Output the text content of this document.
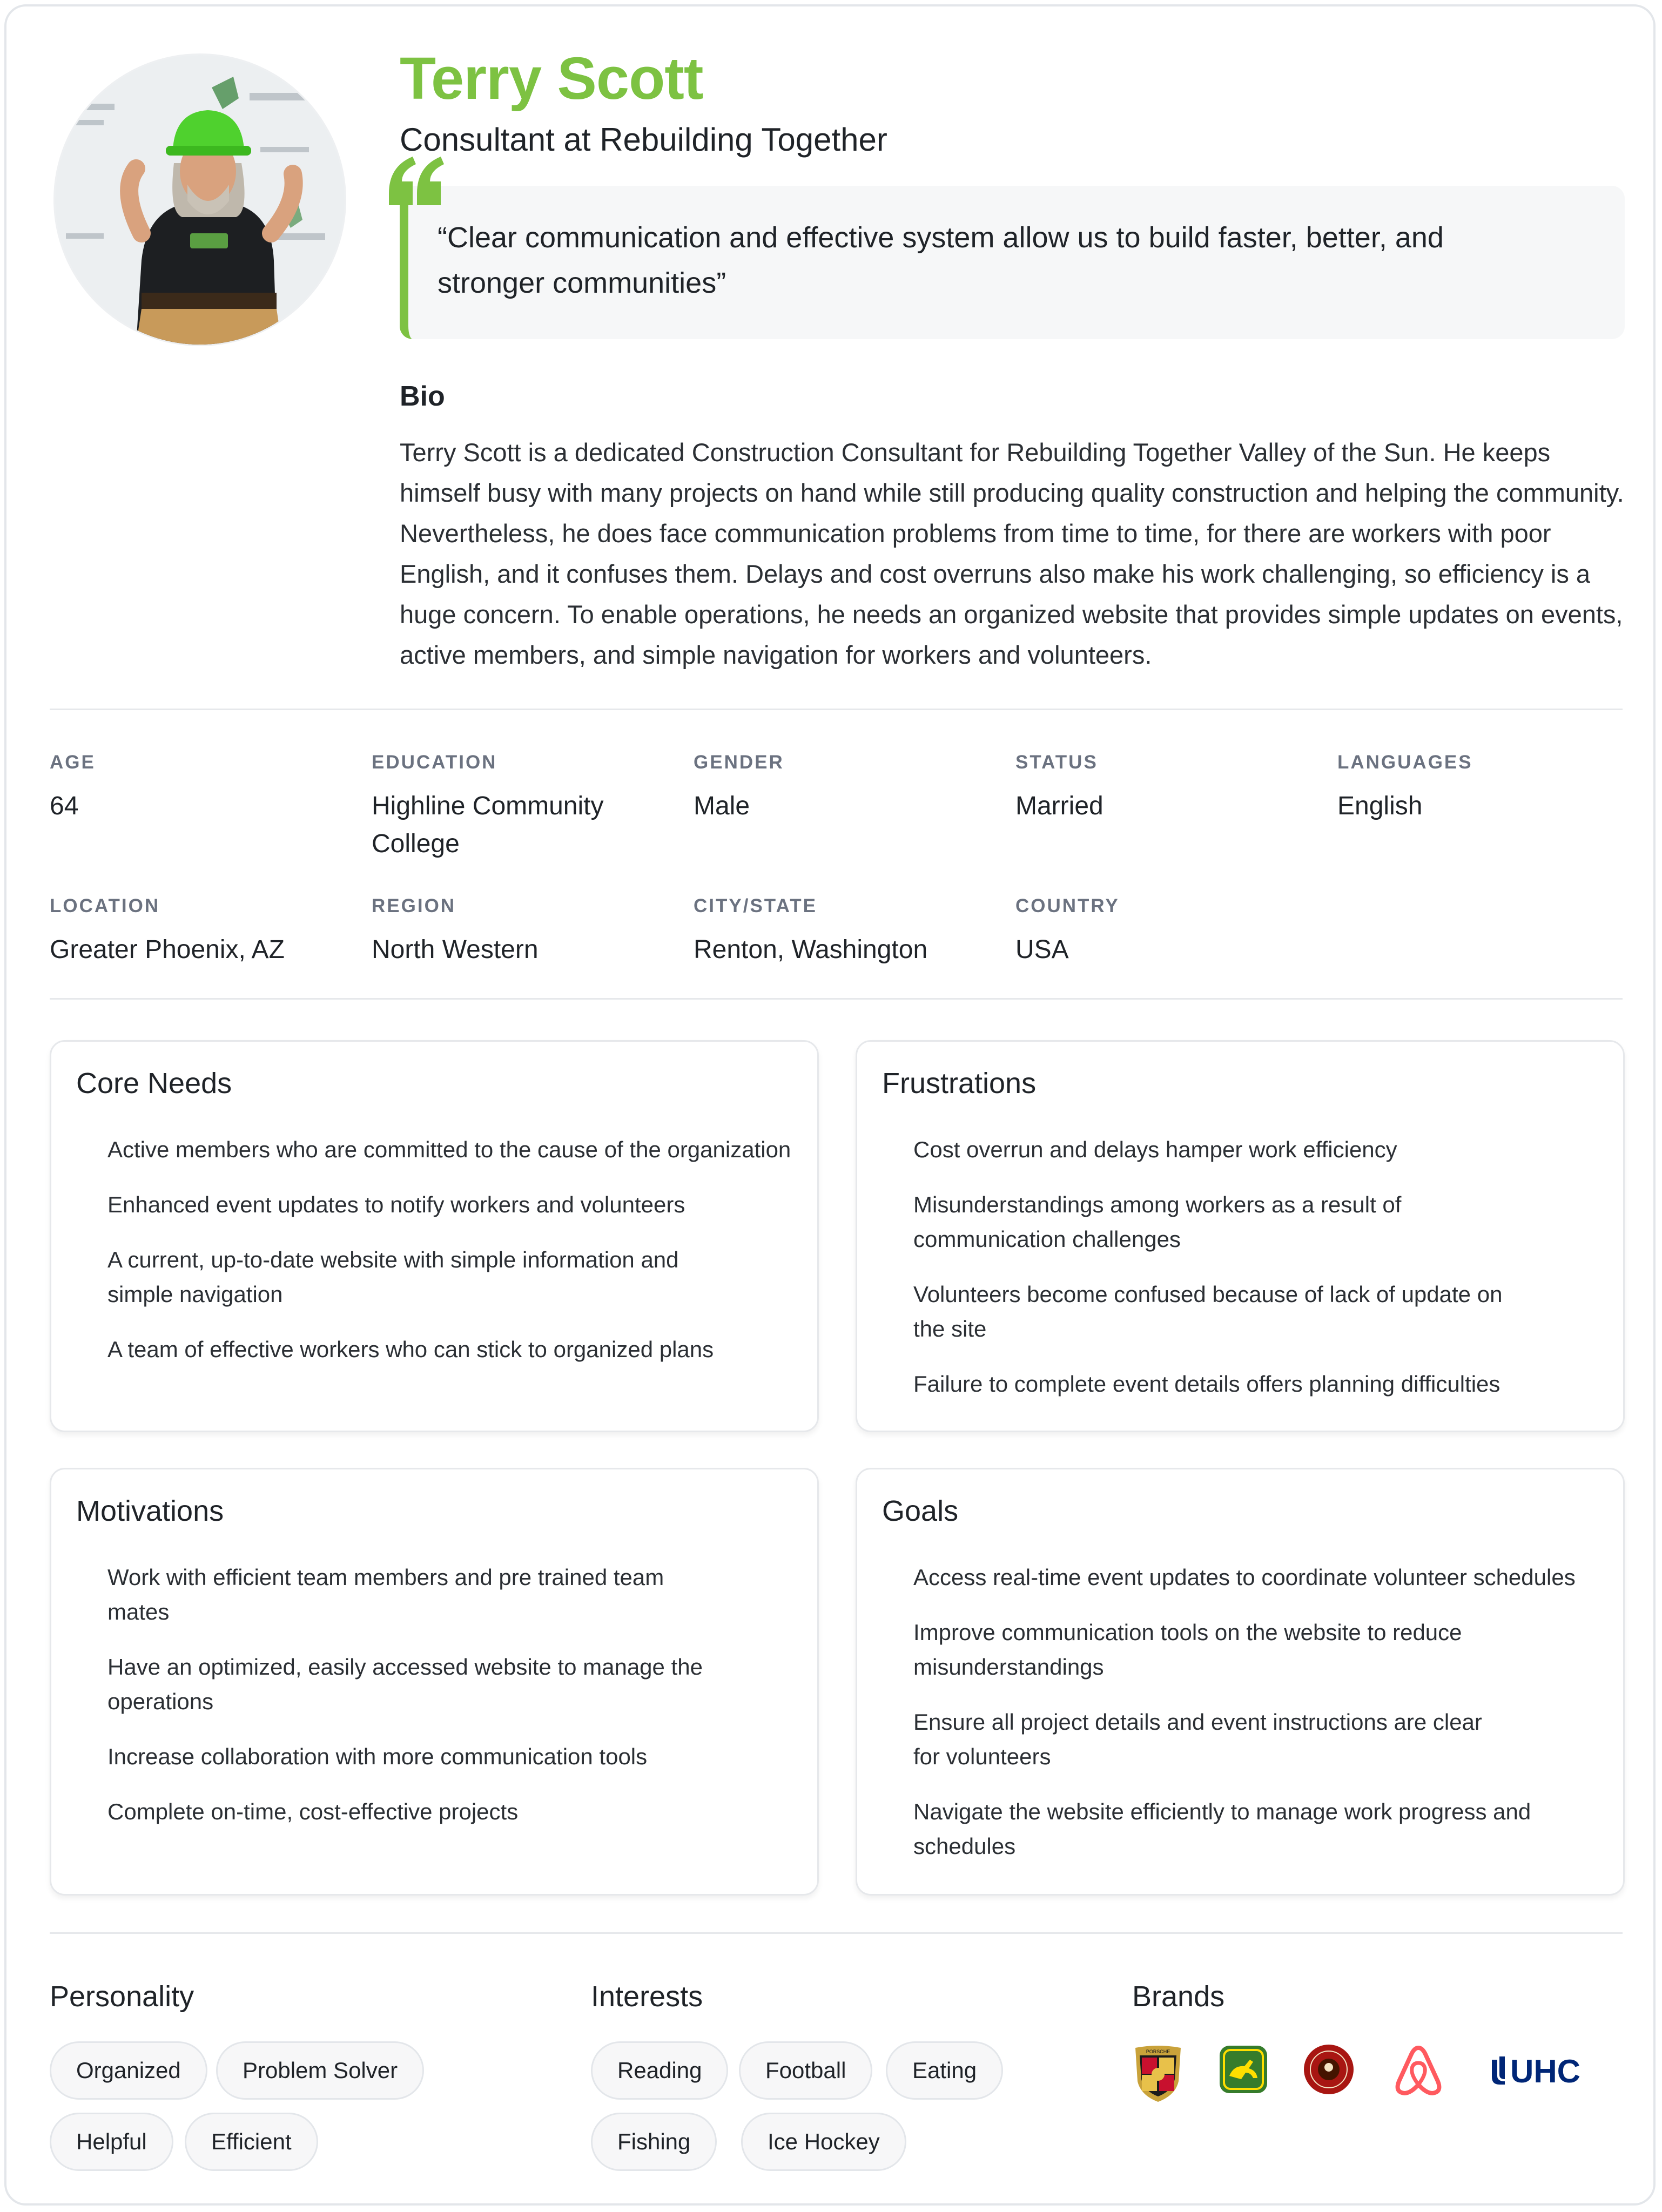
Terry Scott
Consultant at Rebuilding Together
“Clear communication and effective system allow us to build faster, better, and stronger communities”
Bio
Terry Scott is a dedicated Construction Consultant for Rebuilding Together Valley of the Sun. He keeps himself busy with many projects on hand while still producing quality construction and helping the community. Nevertheless, he does face communication problems from time to time, for there are workers with poor English, and it confuses them. Delays and cost overruns also make his work challenging, so efficiency is a huge concern. To enable operations, he needs an organized website that provides simple updates on events, active members, and simple navigation for workers and volunteers.
AGE
64
EDUCATION
Highline Community College
GENDER
Male
STATUS
Married
LANGUAGES
English
LOCATION
Greater Phoenix, AZ
REGION
North Western
CITY/STATE
Renton, Washington
COUNTRY
USA
Core Needs
Active members who are committed to the cause of the organization
Enhanced event updates to notify workers and volunteers
A current, up-to-date website with simple information and simple navigation
A team of effective workers who can stick to organized plans
Frustrations
Cost overrun and delays hamper work efficiency
Misunderstandings among workers as a result of communication challenges
Volunteers become confused because of lack of update on the site
Failure to complete event details offers planning difficulties
Motivations
Work with efficient team members and pre trained team mates
Have an optimized, easily accessed website to manage the operations
Increase collaboration with more communication tools
Complete on-time, cost-effective projects
Goals
Access real-time event updates to coordinate volunteer schedules
Improve communication tools on the website to reduce misunderstandings
Ensure all project details and event instructions are clear for volunteers
Navigate the website efficiently to manage work progress and schedules
Personality
Organized	Problem Solver
Helpful	Efficient
Interests
Reading	Football	Eating
Fishing	Ice Hockey
Brands
PORSCHE
UHC
